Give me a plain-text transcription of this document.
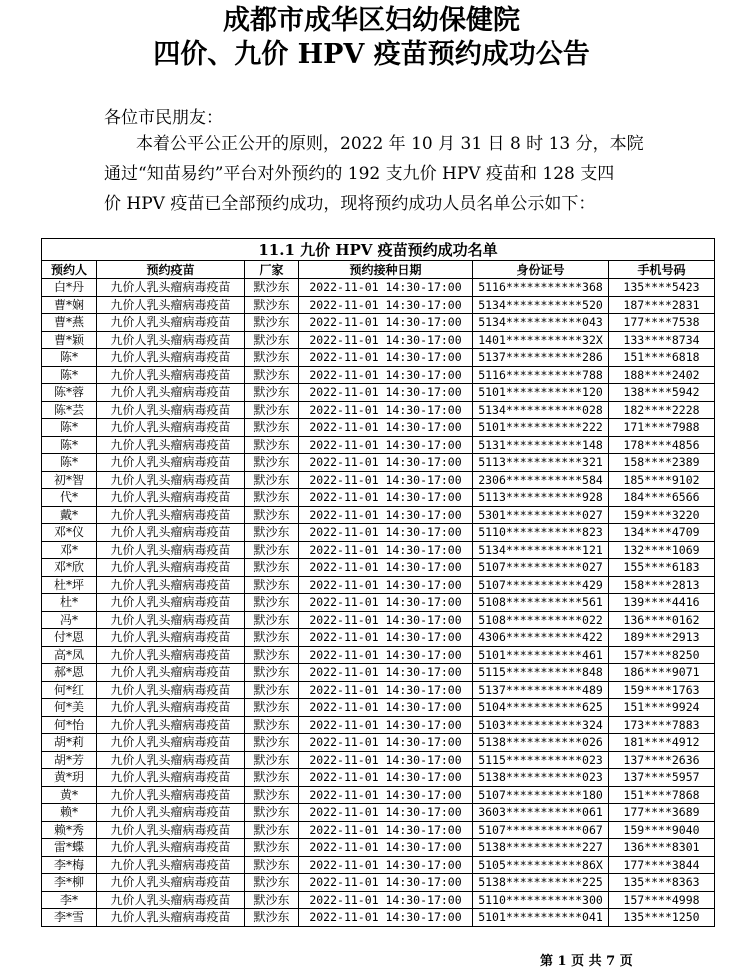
成都市成华区妇幼保健院
四价、九价 HPV 疫苗预约成功公告
各位市民朋友：
本着公平公正公开的原则，2022 年 10 月 31 日 8 时 13 分，本院
通过“知苗易约”平台对外预约的 192 支九价 HPV 疫苗和 128 支四
价 HPV 疫苗已全部预约成功，现将预约成功人员名单公示如下：
11.1 九价 HPV 疫苗预约成功名单					
预约人	预约疫苗	厂家	预约接种日期	身份证号	手机号码
白*丹	九价人乳头瘤病毒疫苗	默沙东	2022-11-01 14:30-17:00	5116***********368	135****5423
曹*娴	九价人乳头瘤病毒疫苗	默沙东	2022-11-01 14:30-17:00	5134***********520	187****2831
曹*燕	九价人乳头瘤病毒疫苗	默沙东	2022-11-01 14:30-17:00	5134***********043	177****7538
曹*颖	九价人乳头瘤病毒疫苗	默沙东	2022-11-01 14:30-17:00	1401***********32X	133****8734
陈*	九价人乳头瘤病毒疫苗	默沙东	2022-11-01 14:30-17:00	5137***********286	151****6818
陈*	九价人乳头瘤病毒疫苗	默沙东	2022-11-01 14:30-17:00	5116***********788	188****2402
陈*蓉	九价人乳头瘤病毒疫苗	默沙东	2022-11-01 14:30-17:00	5101***********120	138****5942
陈*芸	九价人乳头瘤病毒疫苗	默沙东	2022-11-01 14:30-17:00	5134***********028	182****2228
陈*	九价人乳头瘤病毒疫苗	默沙东	2022-11-01 14:30-17:00	5101***********222	171****7988
陈*	九价人乳头瘤病毒疫苗	默沙东	2022-11-01 14:30-17:00	5131***********148	178****4856
陈*	九价人乳头瘤病毒疫苗	默沙东	2022-11-01 14:30-17:00	5113***********321	158****2389
初*智	九价人乳头瘤病毒疫苗	默沙东	2022-11-01 14:30-17:00	2306***********584	185****9102
代*	九价人乳头瘤病毒疫苗	默沙东	2022-11-01 14:30-17:00	5113***********928	184****6566
戴*	九价人乳头瘤病毒疫苗	默沙东	2022-11-01 14:30-17:00	5301***********027	159****3220
邓*仪	九价人乳头瘤病毒疫苗	默沙东	2022-11-01 14:30-17:00	5110***********823	134****4709
邓*	九价人乳头瘤病毒疫苗	默沙东	2022-11-01 14:30-17:00	5134***********121	132****1069
邓*欣	九价人乳头瘤病毒疫苗	默沙东	2022-11-01 14:30-17:00	5107***********027	155****6183
杜*坪	九价人乳头瘤病毒疫苗	默沙东	2022-11-01 14:30-17:00	5107***********429	158****2813
杜*	九价人乳头瘤病毒疫苗	默沙东	2022-11-01 14:30-17:00	5108***********561	139****4416
冯*	九价人乳头瘤病毒疫苗	默沙东	2022-11-01 14:30-17:00	5108***********022	136****0162
付*恩	九价人乳头瘤病毒疫苗	默沙东	2022-11-01 14:30-17:00	4306***********422	189****2913
高*凤	九价人乳头瘤病毒疫苗	默沙东	2022-11-01 14:30-17:00	5101***********461	157****8250
郝*恩	九价人乳头瘤病毒疫苗	默沙东	2022-11-01 14:30-17:00	5115***********848	186****9071
何*红	九价人乳头瘤病毒疫苗	默沙东	2022-11-01 14:30-17:00	5137***********489	159****1763
何*美	九价人乳头瘤病毒疫苗	默沙东	2022-11-01 14:30-17:00	5104***********625	151****9924
何*怡	九价人乳头瘤病毒疫苗	默沙东	2022-11-01 14:30-17:00	5103***********324	173****7883
胡*莉	九价人乳头瘤病毒疫苗	默沙东	2022-11-01 14:30-17:00	5138***********026	181****4912
胡*芳	九价人乳头瘤病毒疫苗	默沙东	2022-11-01 14:30-17:00	5115***********023	137****2636
黄*玥	九价人乳头瘤病毒疫苗	默沙东	2022-11-01 14:30-17:00	5138***********023	137****5957
黄*	九价人乳头瘤病毒疫苗	默沙东	2022-11-01 14:30-17:00	5107***********180	151****7868
赖*	九价人乳头瘤病毒疫苗	默沙东	2022-11-01 14:30-17:00	3603***********061	177****3689
赖*秀	九价人乳头瘤病毒疫苗	默沙东	2022-11-01 14:30-17:00	5107***********067	159****9040
雷*蝶	九价人乳头瘤病毒疫苗	默沙东	2022-11-01 14:30-17:00	5138***********227	136****8301
李*梅	九价人乳头瘤病毒疫苗	默沙东	2022-11-01 14:30-17:00	5105***********86X	177****3844
李*柳	九价人乳头瘤病毒疫苗	默沙东	2022-11-01 14:30-17:00	5138***********225	135****8363
李*	九价人乳头瘤病毒疫苗	默沙东	2022-11-01 14:30-17:00	5110***********300	157****4998
李*雪	九价人乳头瘤病毒疫苗	默沙东	2022-11-01 14:30-17:00	5101***********041	135****1250
第 1 页 共 7 页
